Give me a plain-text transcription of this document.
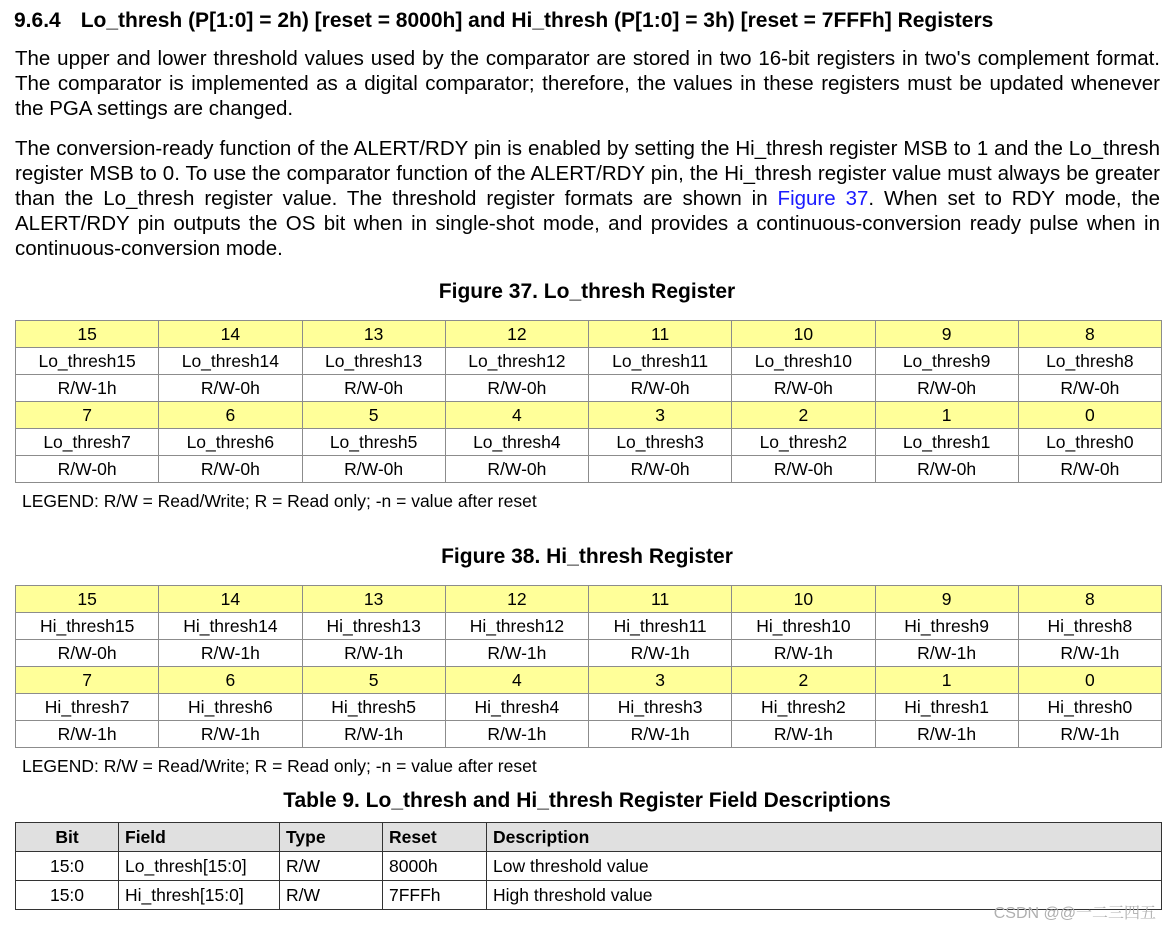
9.6.4 Lo_thresh (P[1:0] = 2h) [reset = 8000h] and Hi_thresh (P[1:0] = 3h) [reset = 7FFFh] Registers
The upper and lower threshold values used by the comparator are stored in two 16-bit registers in two's complement format. The comparator is implemented as a digital comparator; therefore, the values in these registers must be updated whenever the PGA settings are changed.
The conversion-ready function of the ALERT/RDY pin is enabled by setting the Hi_thresh register MSB to 1 and the Lo_thresh register MSB to 0. To use the comparator function of the ALERT/RDY pin, the Hi_thresh register value must always be greater than the Lo_thresh register value. The threshold register formats are shown in Figure 37. When set to RDY mode, the ALERT/RDY pin outputs the OS bit when in single-shot mode, and provides a continuous-conversion ready pulse when in continuous-conversion mode.
Figure 37. Lo_thresh Register
15	14	13	12	11	10	9	8
Lo_thresh15	Lo_thresh14	Lo_thresh13	Lo_thresh12	Lo_thresh11	Lo_thresh10	Lo_thresh9	Lo_thresh8
R/W-1h	R/W-0h	R/W-0h	R/W-0h	R/W-0h	R/W-0h	R/W-0h	R/W-0h
7	6	5	4	3	2	1	0
Lo_thresh7	Lo_thresh6	Lo_thresh5	Lo_thresh4	Lo_thresh3	Lo_thresh2	Lo_thresh1	Lo_thresh0
R/W-0h	R/W-0h	R/W-0h	R/W-0h	R/W-0h	R/W-0h	R/W-0h	R/W-0h
LEGEND: R/W = Read/Write; R = Read only; -n = value after reset
Figure 38. Hi_thresh Register
15	14	13	12	11	10	9	8
Hi_thresh15	Hi_thresh14	Hi_thresh13	Hi_thresh12	Hi_thresh11	Hi_thresh10	Hi_thresh9	Hi_thresh8
R/W-0h	R/W-1h	R/W-1h	R/W-1h	R/W-1h	R/W-1h	R/W-1h	R/W-1h
7	6	5	4	3	2	1	0
Hi_thresh7	Hi_thresh6	Hi_thresh5	Hi_thresh4	Hi_thresh3	Hi_thresh2	Hi_thresh1	Hi_thresh0
R/W-1h	R/W-1h	R/W-1h	R/W-1h	R/W-1h	R/W-1h	R/W-1h	R/W-1h
LEGEND: R/W = Read/Write; R = Read only; -n = value after reset
Table 9. Lo_thresh and Hi_thresh Register Field Descriptions
Bit	Field	Type	Reset	Description
15:0	Lo_thresh[15:0]	R/W	8000h	Low threshold value
15:0	Hi_thresh[15:0]	R/W	7FFFh	High threshold value
CSDN @@一二三四五
